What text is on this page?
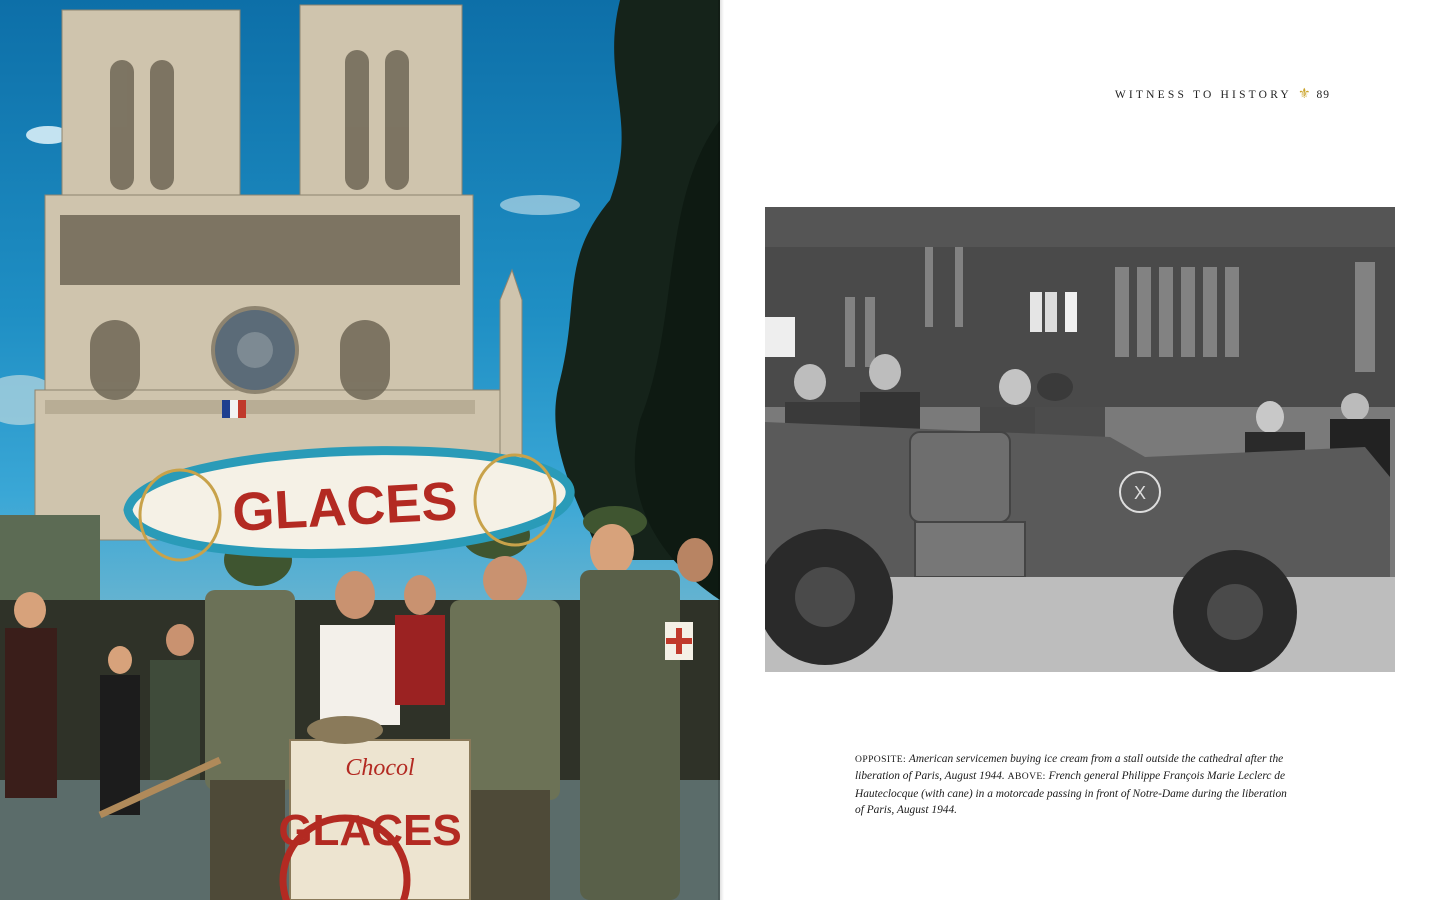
GLACES
Chocol
GLACES
WITNESS TO HISTORY ⚜ 89
X
OPPOSITE: American servicemen buying ice cream from a stall outside the cathedral after the liberation of Paris, August 1944. ABOVE: French general Philippe François Marie Leclerc de Hauteclocque (with cane) in a motorcade passing in front of Notre-Dame during the liberation of Paris, August 1944.
